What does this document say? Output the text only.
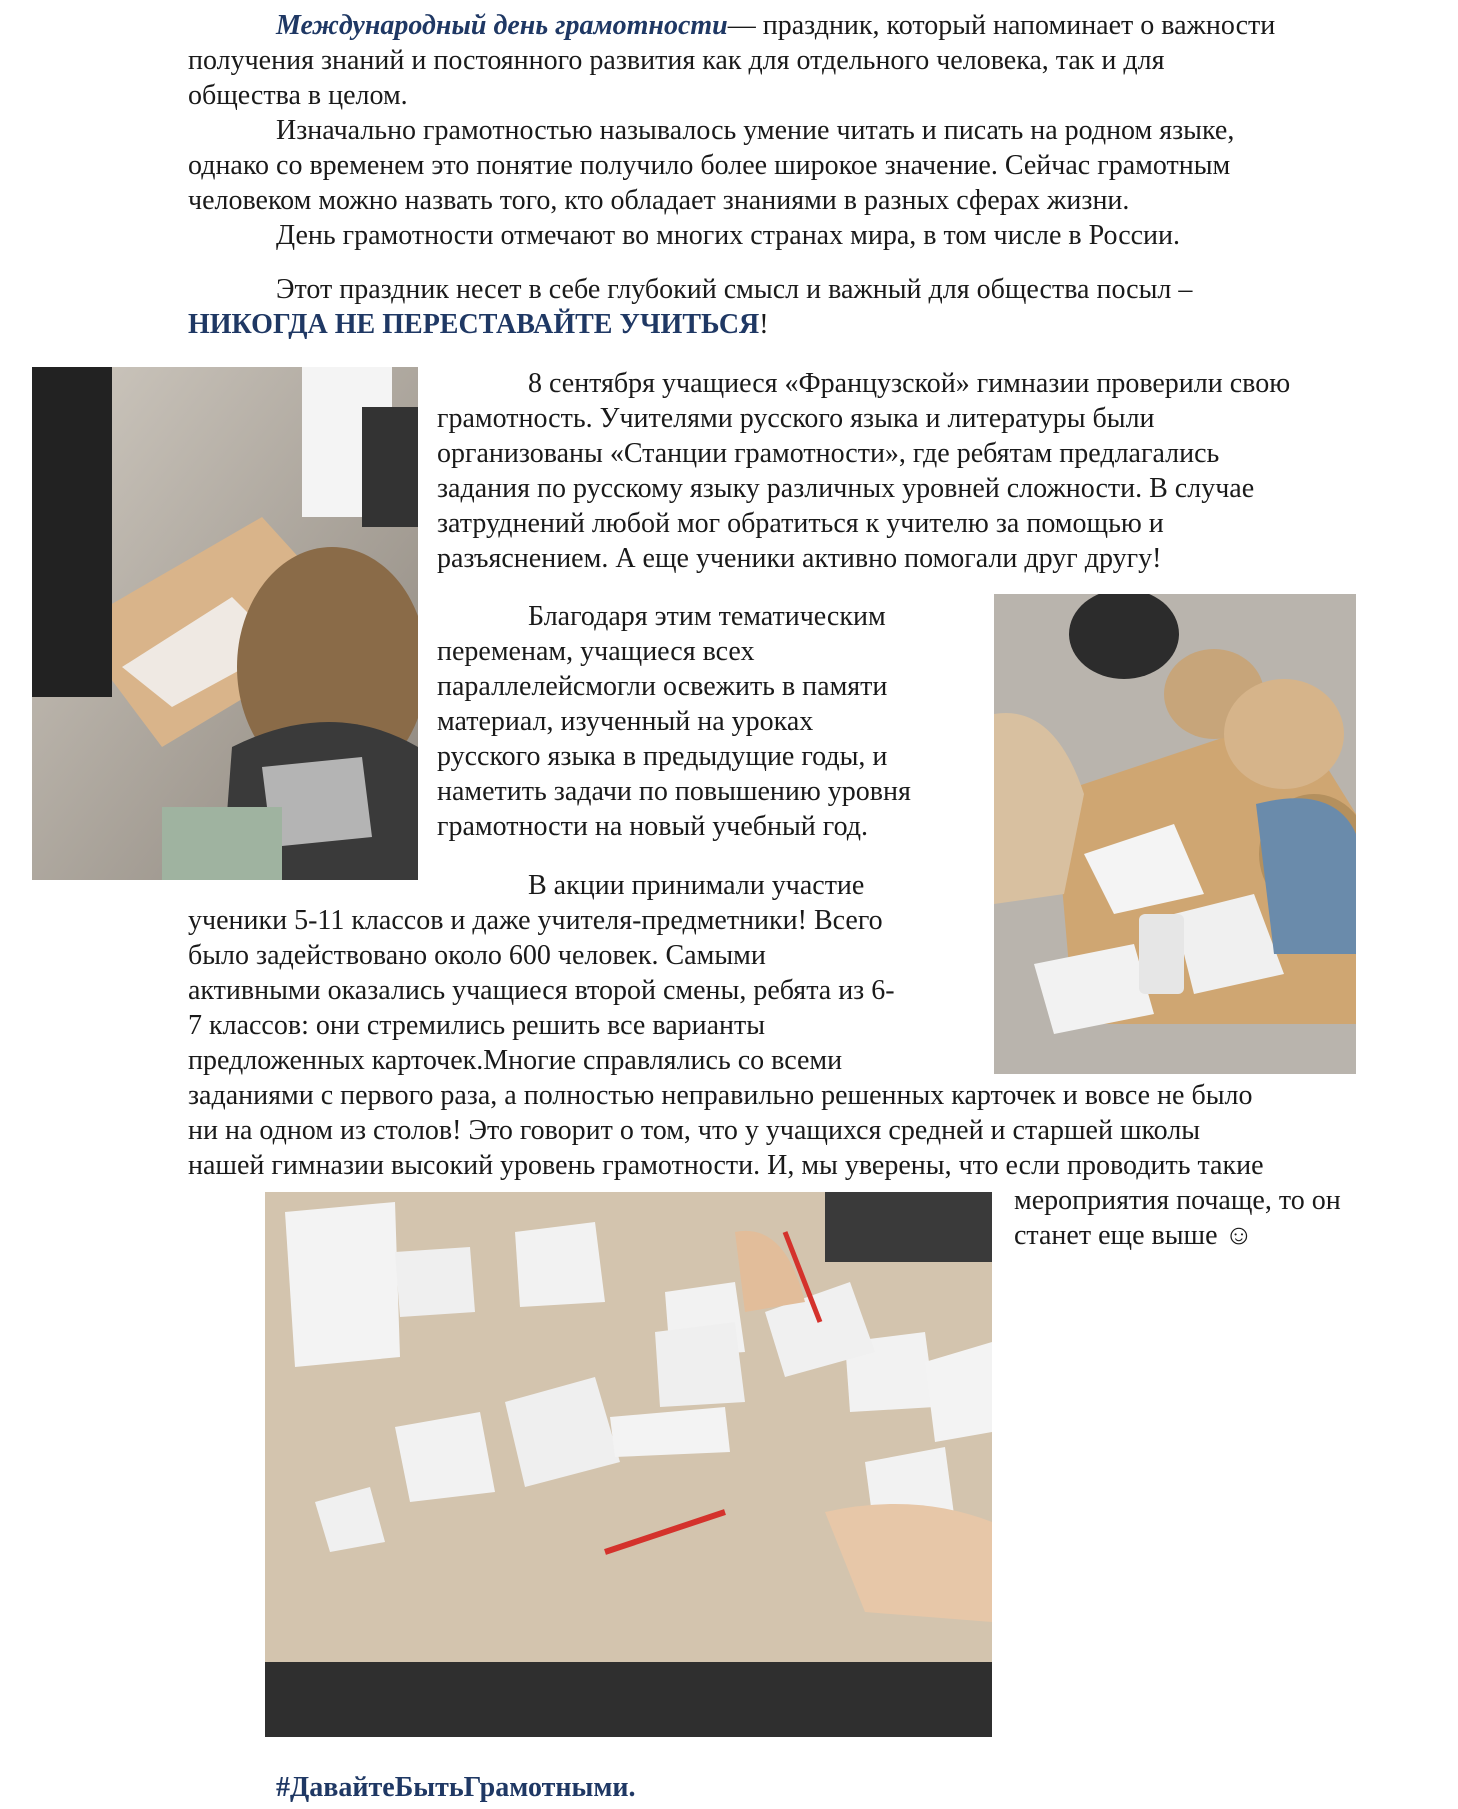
Международный день грамотности— праздник, который напоминает о важности
получения знаний и постоянного развития как для отдельного человека, так и для
общества в целом.
Изначально грамотностью называлось умение читать и писать на родном языке,
однако со временем это понятие получило более широкое значение. Сейчас грамотным
человеком можно назвать того, кто обладает знаниями в разных сферах жизни.
День грамотности отмечают во многих странах мира, в том числе в России.
Этот праздник несет в себе глубокий смысл и важный для общества посыл –
НИКОГДА НЕ ПЕРЕСТАВАЙТЕ УЧИТЬСЯ!
8 сентября учащиеся «Французской» гимназии проверили свою
грамотность. Учителями русского языка и литературы были
организованы «Станции грамотности», где ребятам предлагались
задания по русскому языку различных уровней сложности. В случае
затруднений любой мог обратиться к учителю за помощью и
разъяснением. А еще ученики активно помогали друг другу!
Благодаря этим тематическим
переменам, учащиеся всех
параллелейсмогли освежить в памяти
материал, изученный на уроках
русского языка в предыдущие годы, и
наметить задачи по повышению уровня
грамотности на новый учебный год.
В акции принимали участие
ученики 5-11 классов и даже учителя-предметники! Всего
было задействовано около 600 человек. Самыми
активными оказались учащиеся второй смены, ребята из 6-
7 классов: они стремились решить все варианты
предложенных карточек.Многие справлялись со всеми
заданиями с первого раза, а полностью неправильно решенных карточек и вовсе не было
ни на одном из столов! Это говорит о том, что у учащихся средней и старшей школы
нашей гимназии высокий уровень грамотности. И, мы уверены, что если проводить такие
мероприятия почаще, то он
станет еще выше ☺
#ДавайтеБытьГрамотными.
